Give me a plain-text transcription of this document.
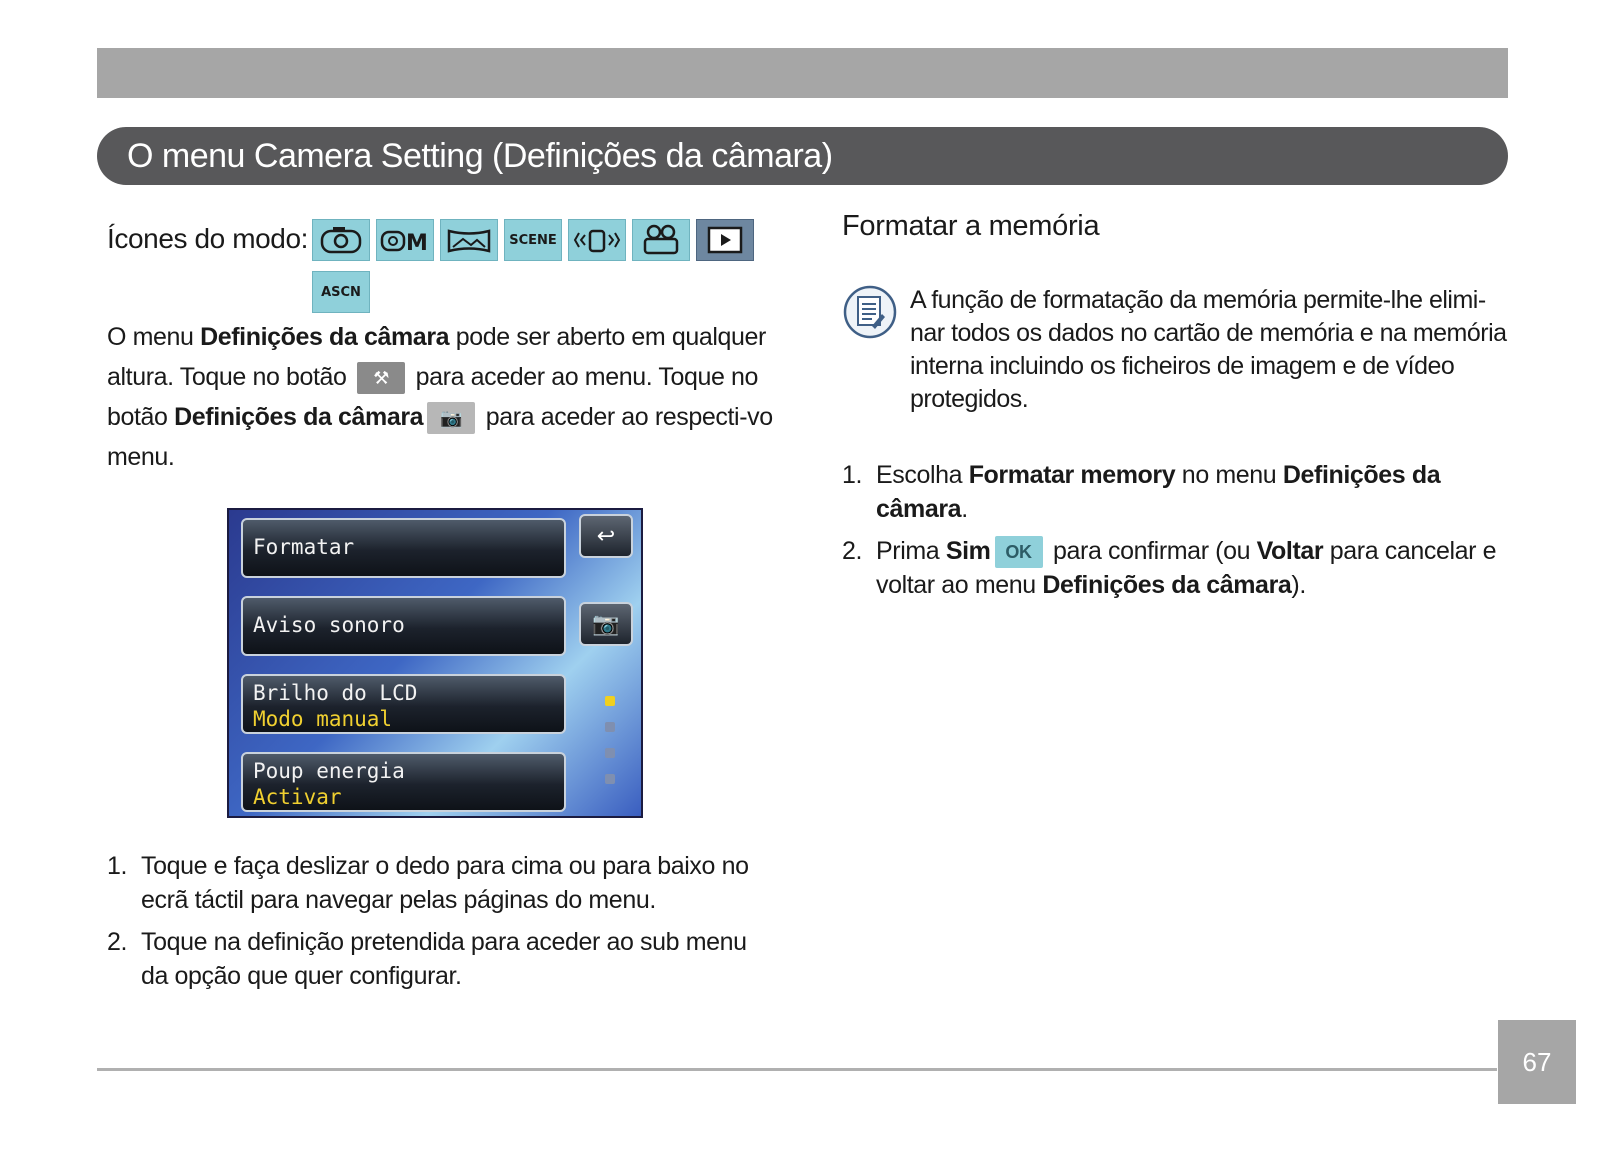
O menu Camera Setting (Definições da câmara)
Ícones do modo:	M	SCENE
ASCN
O menu Definições da câmara pode ser aberto em qualquer altura. Toque no botão ⚒ para aceder ao menu. Toque no botão Definições da câmara 📷 para aceder ao respecti-vo menu.
Formatar
Aviso sonoro
Brilho do LCD
Modo manual
Poup energia
Activar
↩
📷
1. Toque e faça deslizar o dedo para cima ou para baixo no ecrã táctil para navegar pelas páginas do menu.
2. Toque na definição pretendida para aceder ao sub menu da opção que quer configurar.
Formatar a memória
A função de formatação da memória permite-lhe elimi-nar todos os dados no cartão de memória e na memória interna incluindo os ficheiros de imagem e de vídeo protegidos.
1. Escolha Formatar memory no menu Definições da câmara.
2. Prima Sim OK para confirmar (ou Voltar para cancelar e voltar ao menu Definições da câmara).
67
